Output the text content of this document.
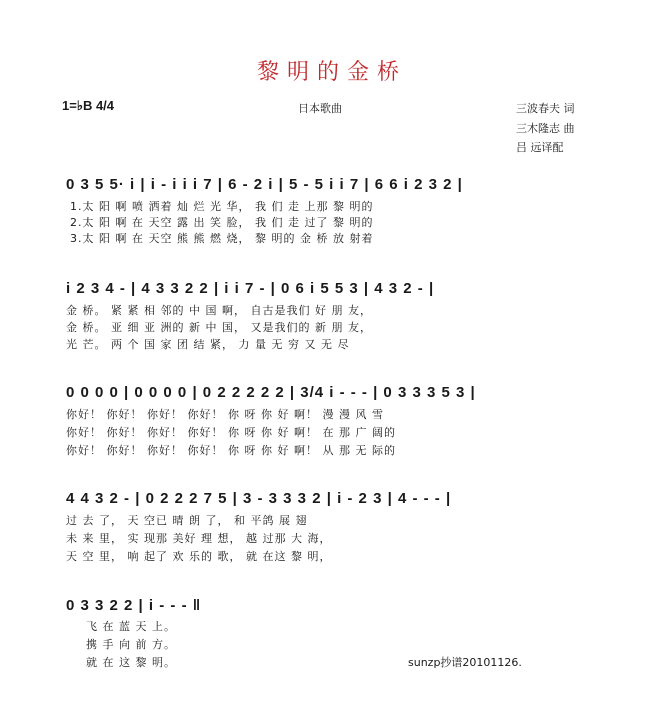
黎明的金桥
1=♭B 4/4	日本歌曲	三波春夫 词
三木隆志 曲
吕 远译配
0 3 5 5· i | i - i i i 7 | 6 - 2 i | 5 - 5 i i 7 | 6 6 i 2 3 2 |
1.太 阳 啊 喷 洒着 灿 烂 光 华， 我 们 走 上那 黎 明的
2.太 阳 啊 在 天空 露 出 笑 脸， 我 们 走 过了 黎 明的
3.太 阳 啊 在 天空 熊 熊 燃 烧， 黎 明的 金 桥 放 射着
i 2 3 4 - | 4 3 3 2 2 | i i 7 - | 0 6 i 5 5 3 | 4 3 2 - |
金 桥。 紧 紧 相 邻的 中 国 啊， 自古是我们 好 朋 友，
金 桥。 亚 细 亚 洲的 新 中 国， 又是我们的 新 朋 友，
光 芒。 两 个 国 家 团 结 紧， 力 量 无 穷 又 无 尽
0 0 0 0 | 0 0 0 0 | 0 2 2 2 2 2 | 3/4 i - - - | 0 3 3 3 5 3 |
你好！ 你好！ 你好！ 你好！ 你 呀 你 好 啊！ 漫 漫 风 雪
你好！ 你好！ 你好！ 你好！ 你 呀 你 好 啊！ 在 那 广 阔的
你好！ 你好！ 你好！ 你好！ 你 呀 你 好 啊！ 从 那 无 际的
4 4 3 2 - | 0 2 2 2 7 5 | 3 - 3 3 3 2 | i - 2 3 | 4 - - - |
过 去 了， 天 空已 晴 朗 了， 和 平鸽 展 翅
未 来 里， 实 现那 美好 理 想， 越 过那 大 海，
天 空 里， 响 起了 欢 乐的 歌， 就 在这 黎 明，
0 3 3 2 2 | i - - - ‖
飞 在 蓝 天 上。
携 手 向 前 方。
就 在 这 黎 明。	sunzp抄谱20101126.
